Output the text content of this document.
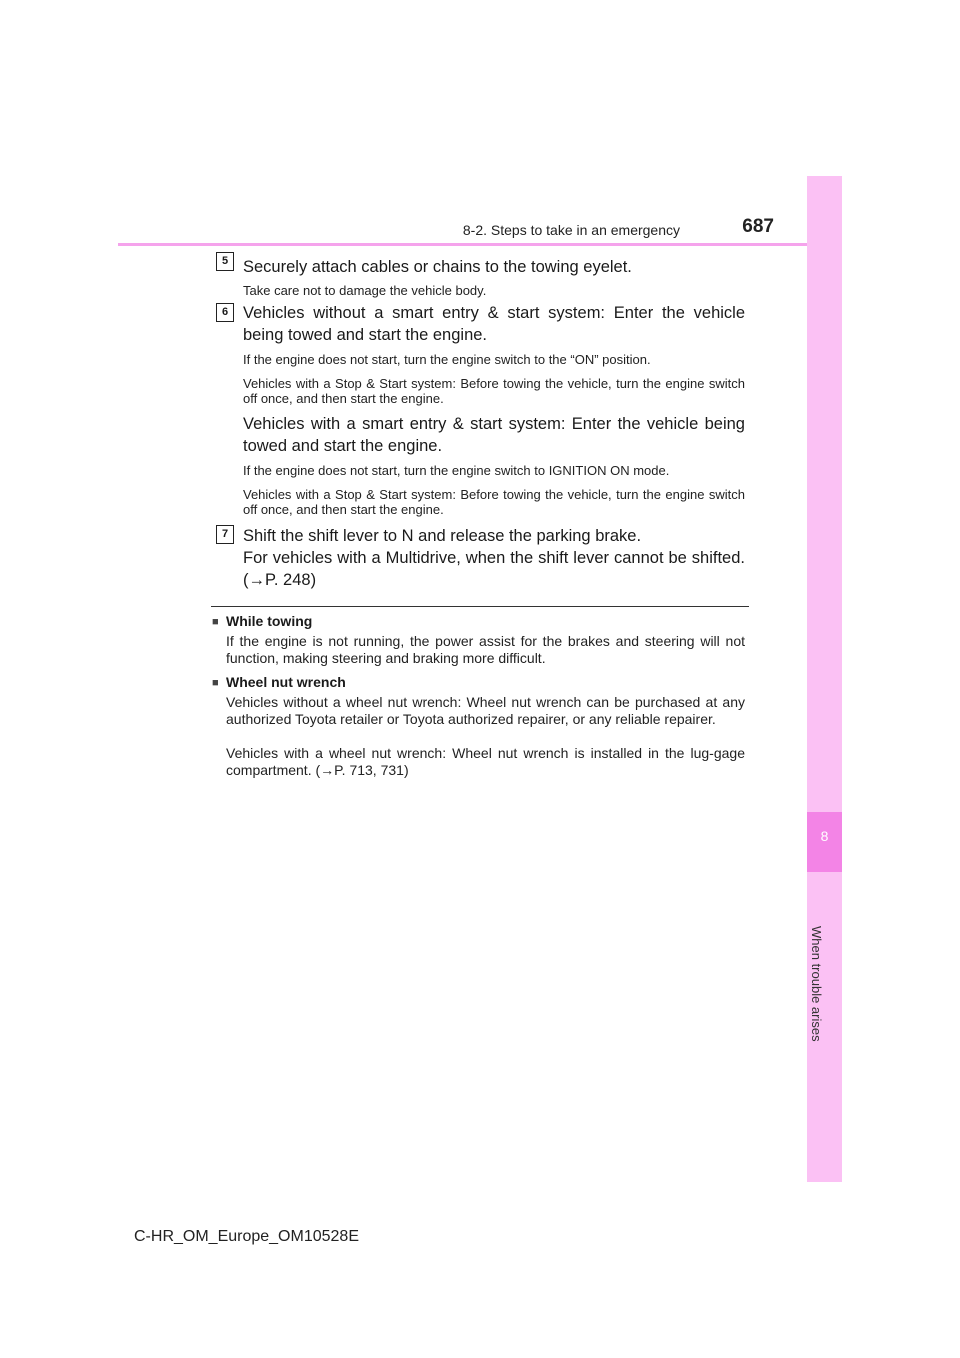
8-2. Steps to take in an emergency	687
8
When trouble arises
5 Securely attach cables or chains to the towing eyelet.
Take care not to damage the vehicle body.
6 Vehicles without a smart entry & start system: Enter the vehicle being towed and start the engine.
If the engine does not start, turn the engine switch to the “ON” position.
Vehicles with a Stop & Start system: Before towing the vehicle, turn the engine switch off once, and then start the engine.
Vehicles with a smart entry & start system: Enter the vehicle being towed and start the engine.
If the engine does not start, turn the engine switch to IGNITION ON mode.
Vehicles with a Stop & Start system: Before towing the vehicle, turn the engine switch off once, and then start the engine.
7 Shift the shift lever to N and release the parking brake.
For vehicles with a Multidrive, when the shift lever cannot be shifted. (→P. 248)
■ While towing
If the engine is not running, the power assist for the brakes and steering will not function, making steering and braking more difficult.
■ Wheel nut wrench
Vehicles without a wheel nut wrench: Wheel nut wrench can be purchased at any authorized Toyota retailer or Toyota authorized repairer, or any reliable repairer.
Vehicles with a wheel nut wrench: Wheel nut wrench is installed in the lug-gage compartment. (→P. 713, 731)
C-HR_OM_Europe_OM10528E
